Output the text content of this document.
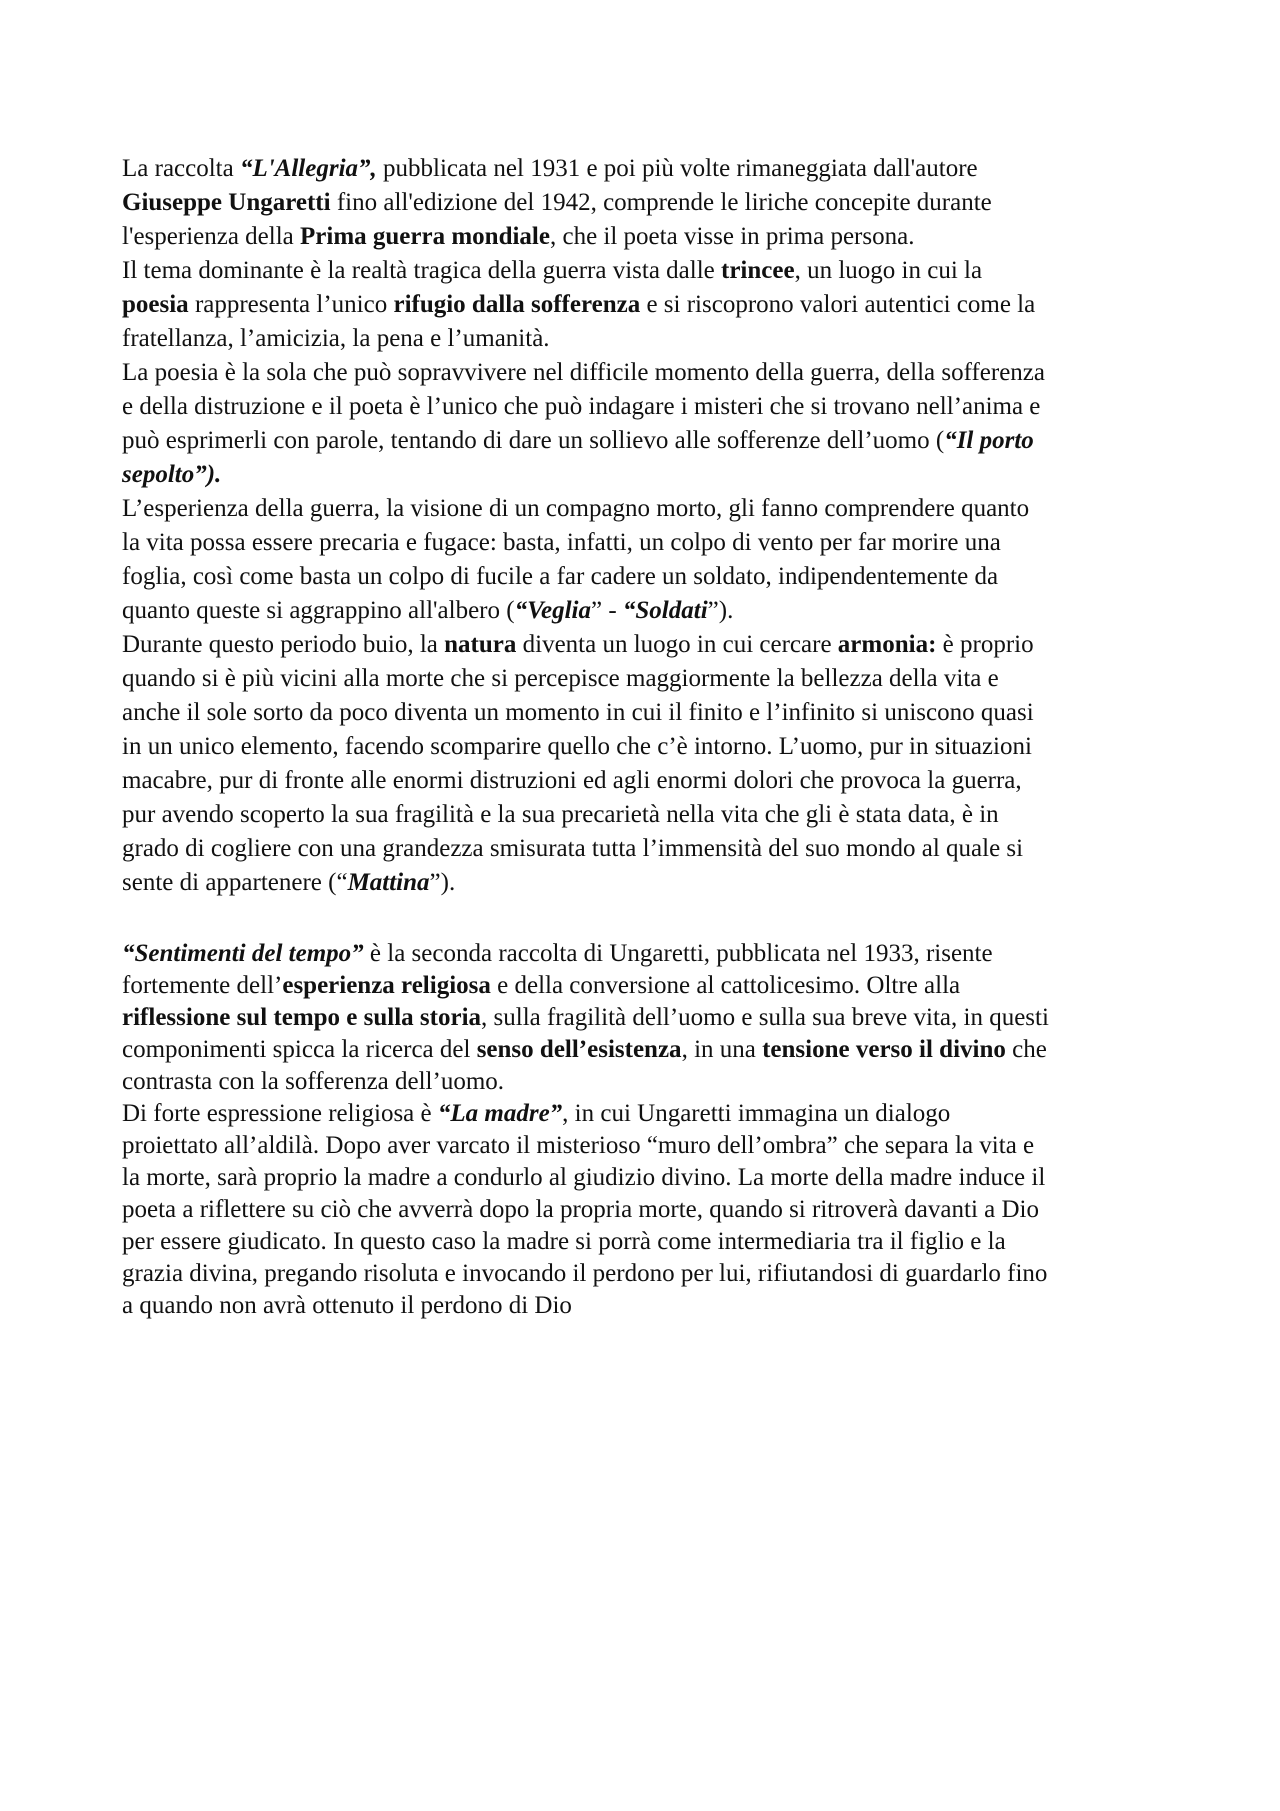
La raccolta “L'Allegria”, pubblicata nel 1931 e poi più volte rimaneggiata dall'autore
Giuseppe Ungaretti fino all'edizione del 1942, comprende le liriche concepite durante
l'esperienza della Prima guerra mondiale, che il poeta visse in prima persona.
Il tema dominante è la realtà tragica della guerra vista dalle trincee, un luogo in cui la
poesia rappresenta l’unico rifugio dalla sofferenza e si riscoprono valori autentici come la
fratellanza, l’amicizia, la pena e l’umanità.
La poesia è la sola che può sopravvivere nel difficile momento della guerra, della sofferenza
e della distruzione e il poeta è l’unico che può indagare i misteri che si trovano nell’anima e
può esprimerli con parole, tentando di dare un sollievo alle sofferenze dell’uomo (“Il porto
sepolto”).
L’esperienza della guerra, la visione di un compagno morto, gli fanno comprendere quanto
la vita possa essere precaria e fugace: basta, infatti, un colpo di vento per far morire una
foglia, così come basta un colpo di fucile a far cadere un soldato, indipendentemente da
quanto queste si aggrappino all'albero (“Veglia” - “Soldati”).
Durante questo periodo buio, la natura diventa un luogo in cui cercare armonia: è proprio
quando si è più vicini alla morte che si percepisce maggiormente la bellezza della vita e
anche il sole sorto da poco diventa un momento in cui il finito e l’infinito si uniscono quasi
in un unico elemento, facendo scomparire quello che c’è intorno. L’uomo, pur in situazioni
macabre, pur di fronte alle enormi distruzioni ed agli enormi dolori che provoca la guerra,
pur avendo scoperto la sua fragilità e la sua precarietà nella vita che gli è stata data, è in
grado di cogliere con una grandezza smisurata tutta l’immensità del suo mondo al quale si
sente di appartenere (“Mattina”).
“Sentimenti del tempo” è la seconda raccolta di Ungaretti, pubblicata nel 1933, risente
fortemente dell’esperienza religiosa e della conversione al cattolicesimo. Oltre alla
riflessione sul tempo e sulla storia, sulla fragilità dell’uomo e sulla sua breve vita, in questi
componimenti spicca la ricerca del senso dell’esistenza, in una tensione verso il divino che
contrasta con la sofferenza dell’uomo.
Di forte espressione religiosa è “La madre”, in cui Ungaretti immagina un dialogo
proiettato all’aldilà. Dopo aver varcato il misterioso “muro dell’ombra” che separa la vita e
la morte, sarà proprio la madre a condurlo al giudizio divino. La morte della madre induce il
poeta a riflettere su ciò che avverrà dopo la propria morte, quando si ritroverà davanti a Dio
per essere giudicato. In questo caso la madre si porrà come intermediaria tra il figlio e la
grazia divina, pregando risoluta e invocando il perdono per lui, rifiutandosi di guardarlo fino
a quando non avrà ottenuto il perdono di Dio
